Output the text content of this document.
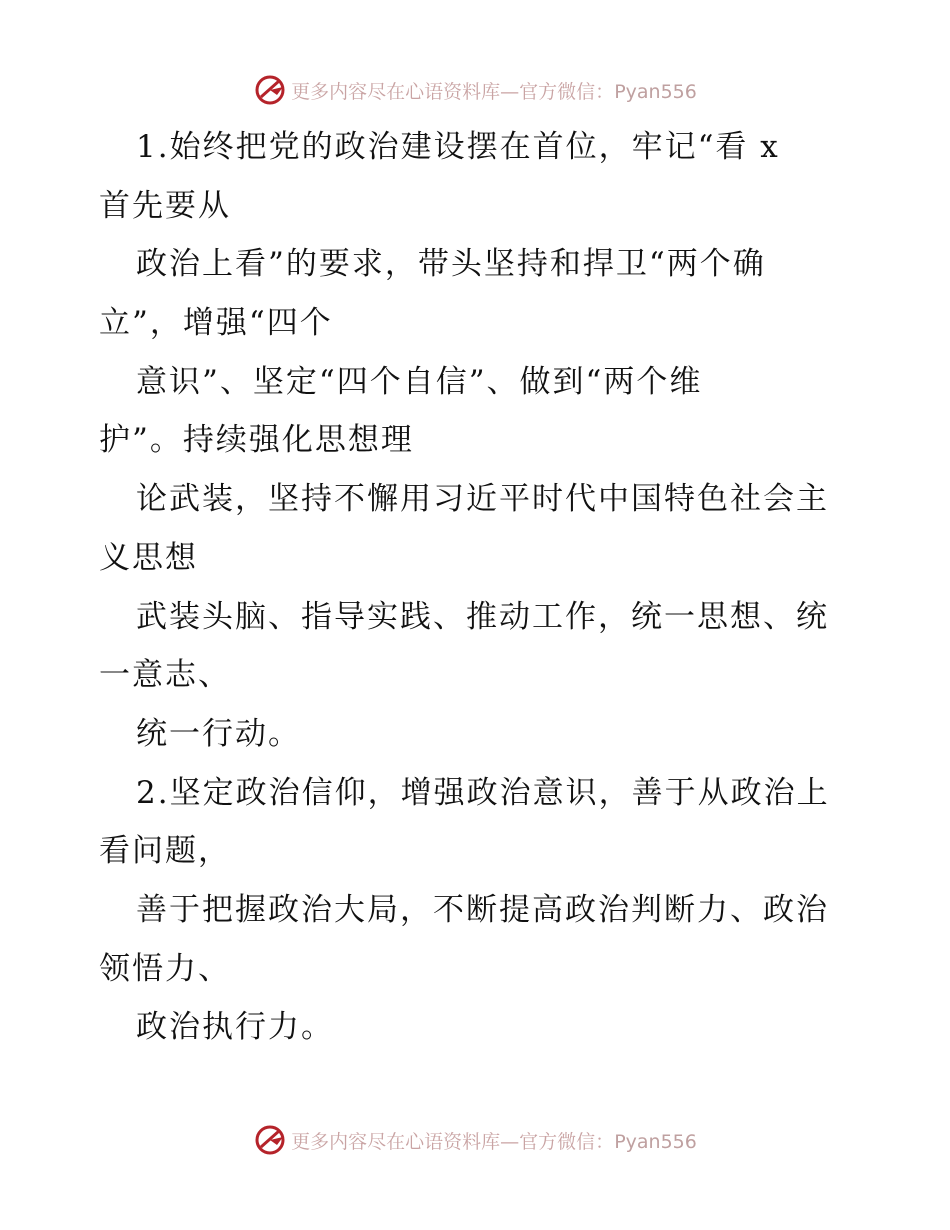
更多内容尽在心语资料库—官方微信：Pyan556
1.始终把党的政治建设摆在首位，牢记“看 x
首先要从
政治上看”的要求，带头坚持和捍卫“两个确
立”，增强“四个
意识”、坚定“四个自信”、做到“两个维
护”。持续强化思想理
论武装，坚持不懈用习近平时代中国特色社会主
义思想
武装头脑、指导实践、推动工作，统一思想、统
一意志、
统一行动。
2.坚定政治信仰，增强政治意识，善于从政治上
看问题，
善于把握政治大局，不断提高政治判断力、政治
领悟力、
政治执行力。
更多内容尽在心语资料库—官方微信：Pyan556
